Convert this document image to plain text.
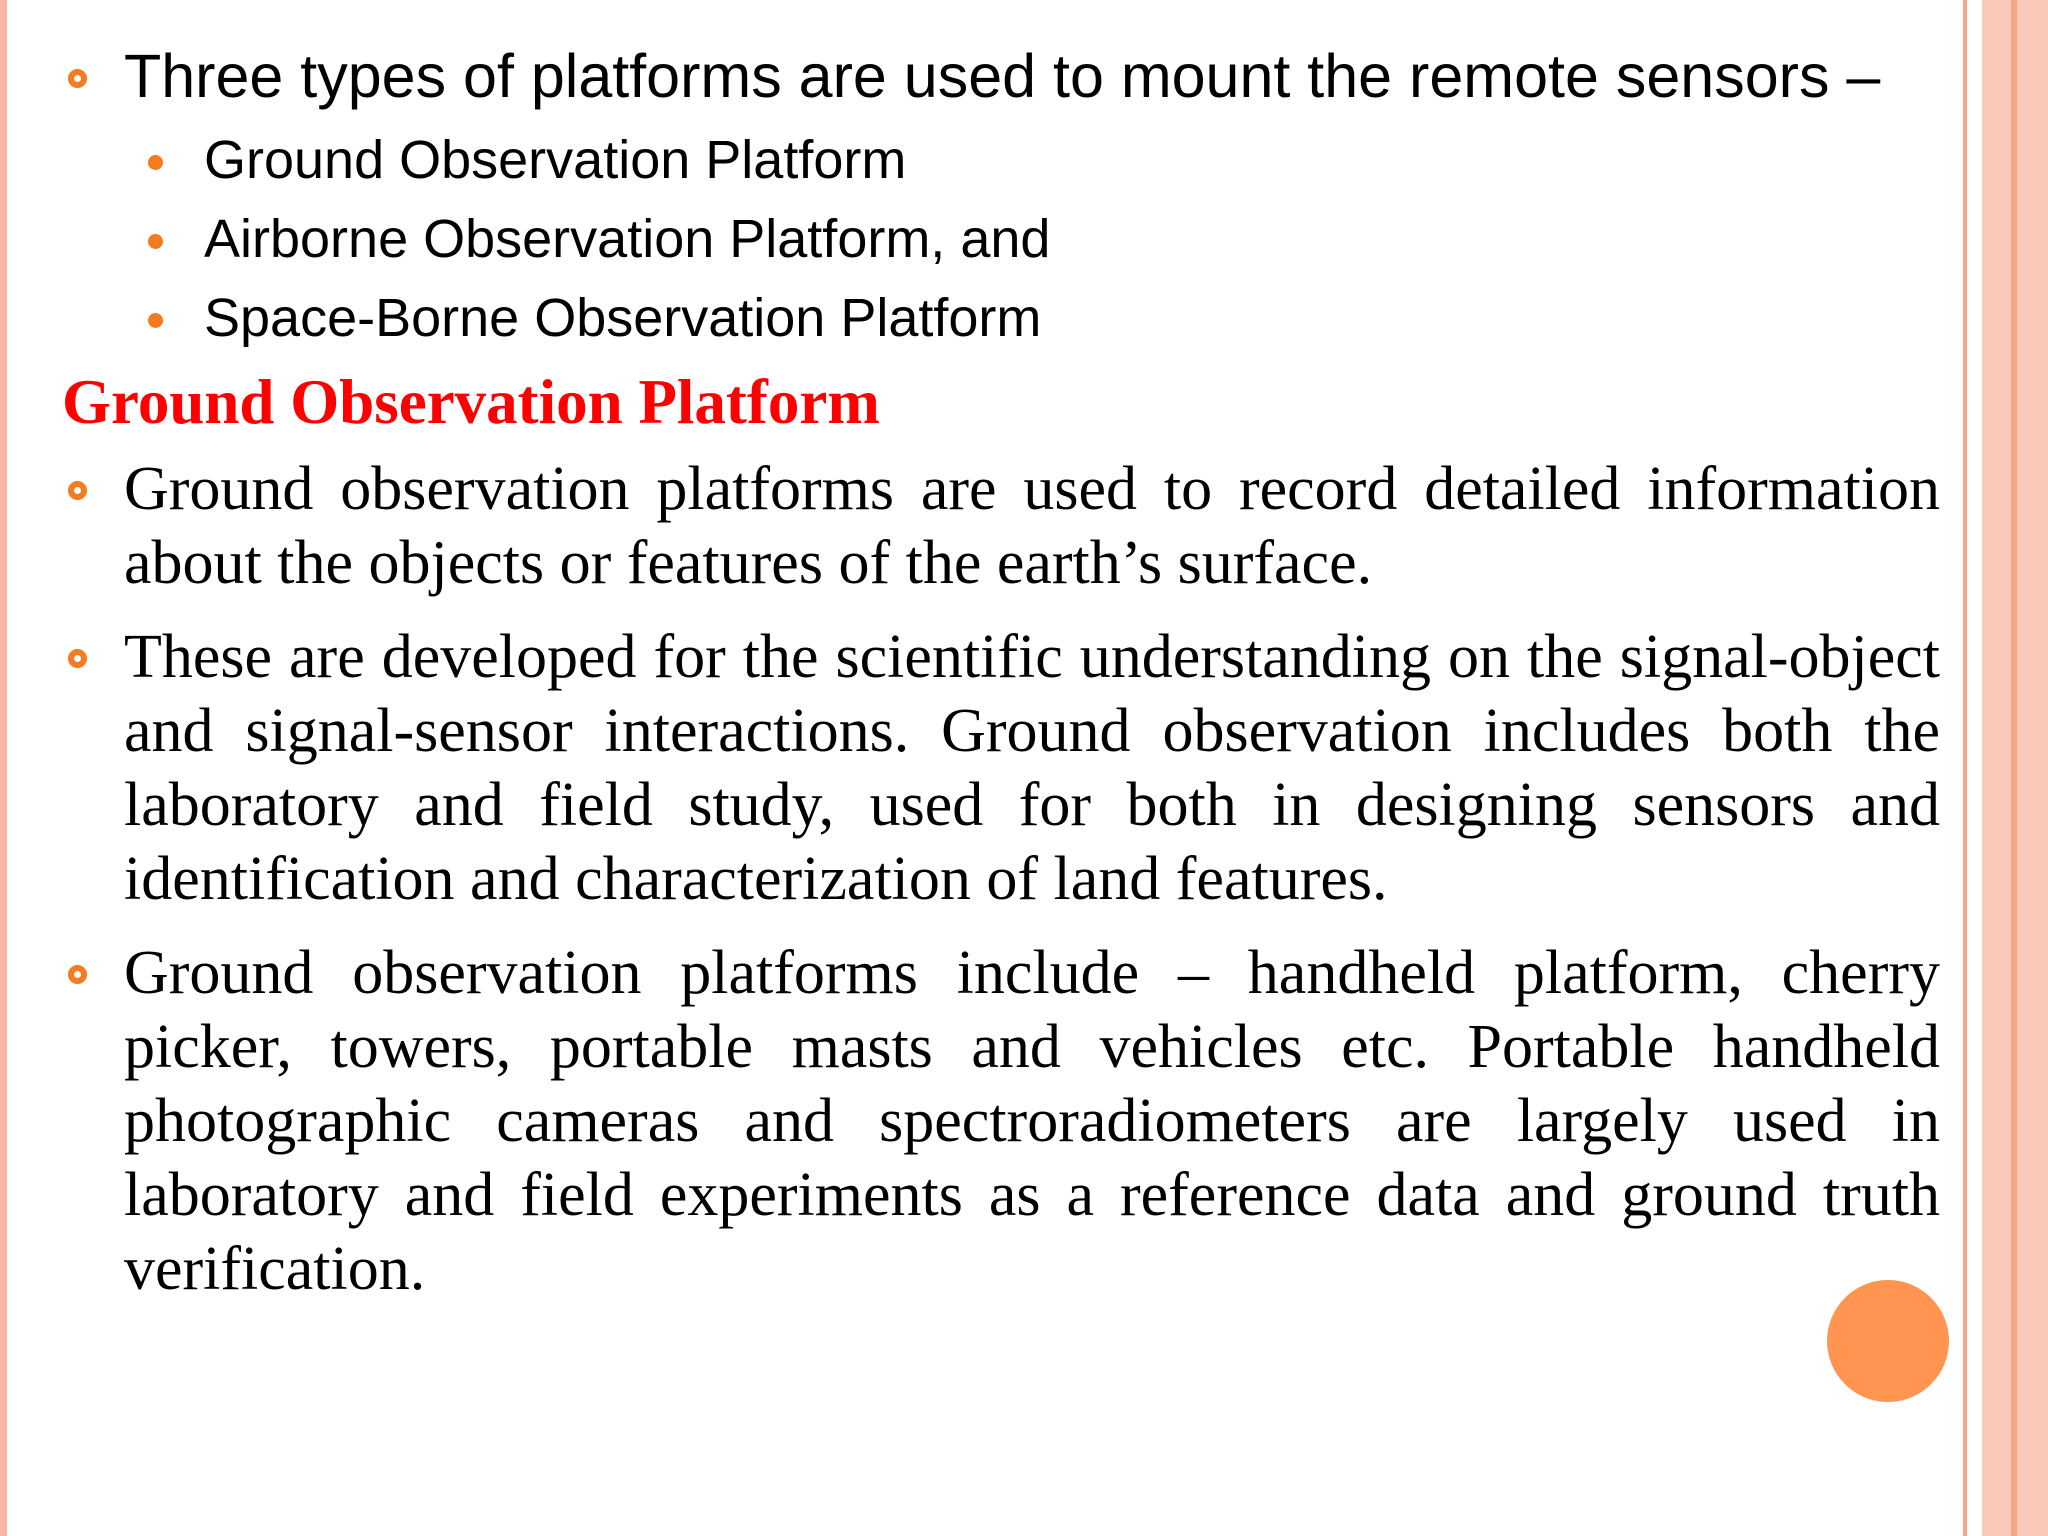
Three types of platforms are used to mount the remote sensors –
Ground Observation Platform
Airborne Observation Platform, and
Space-Borne Observation Platform
Ground Observation Platform
Ground observation platforms are used to record detailed information about the objects or features of the earth’s surface.
These are developed for the scientific understanding on the signal-object and signal-sensor interactions. Ground observation includes both the laboratory and field study, used for both in designing sensors and identification and characterization of land features.
Ground observation platforms include – handheld platform, cherry picker, towers, portable masts and vehicles etc. Portable handheld photographic cameras and spectroradiometers are largely used in laboratory and field experiments as a reference data and ground truth verification.
